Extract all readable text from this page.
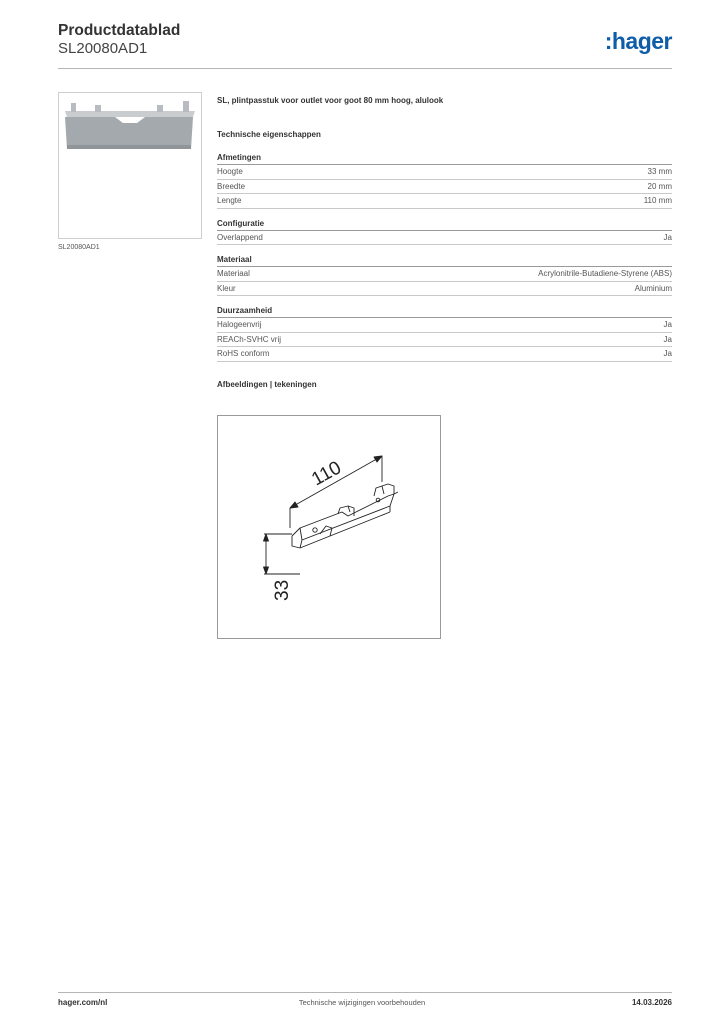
Productdatablad
SL20080AD1	:hager
SL20080AD1
SL, plintpasstuk voor outlet voor goot 80 mm hoog, alulook
Technische eigenschappen
Afmetingen
Hoogte	33 mm
Breedte	20 mm
Lengte	110 mm
Configuratie
Overlappend	Ja
Materiaal
Materiaal	Acrylonitrile-Butadiene-Styrene (ABS)
Kleur	Aluminium
Duurzaamheid
Halogeenvrij	Ja
REACh-SVHC vrij	Ja
RoHS conform	Ja
Afbeeldingen | tekeningen
110
33
hager.com/nl	Technische wijzigingen voorbehouden	14.03.2026
